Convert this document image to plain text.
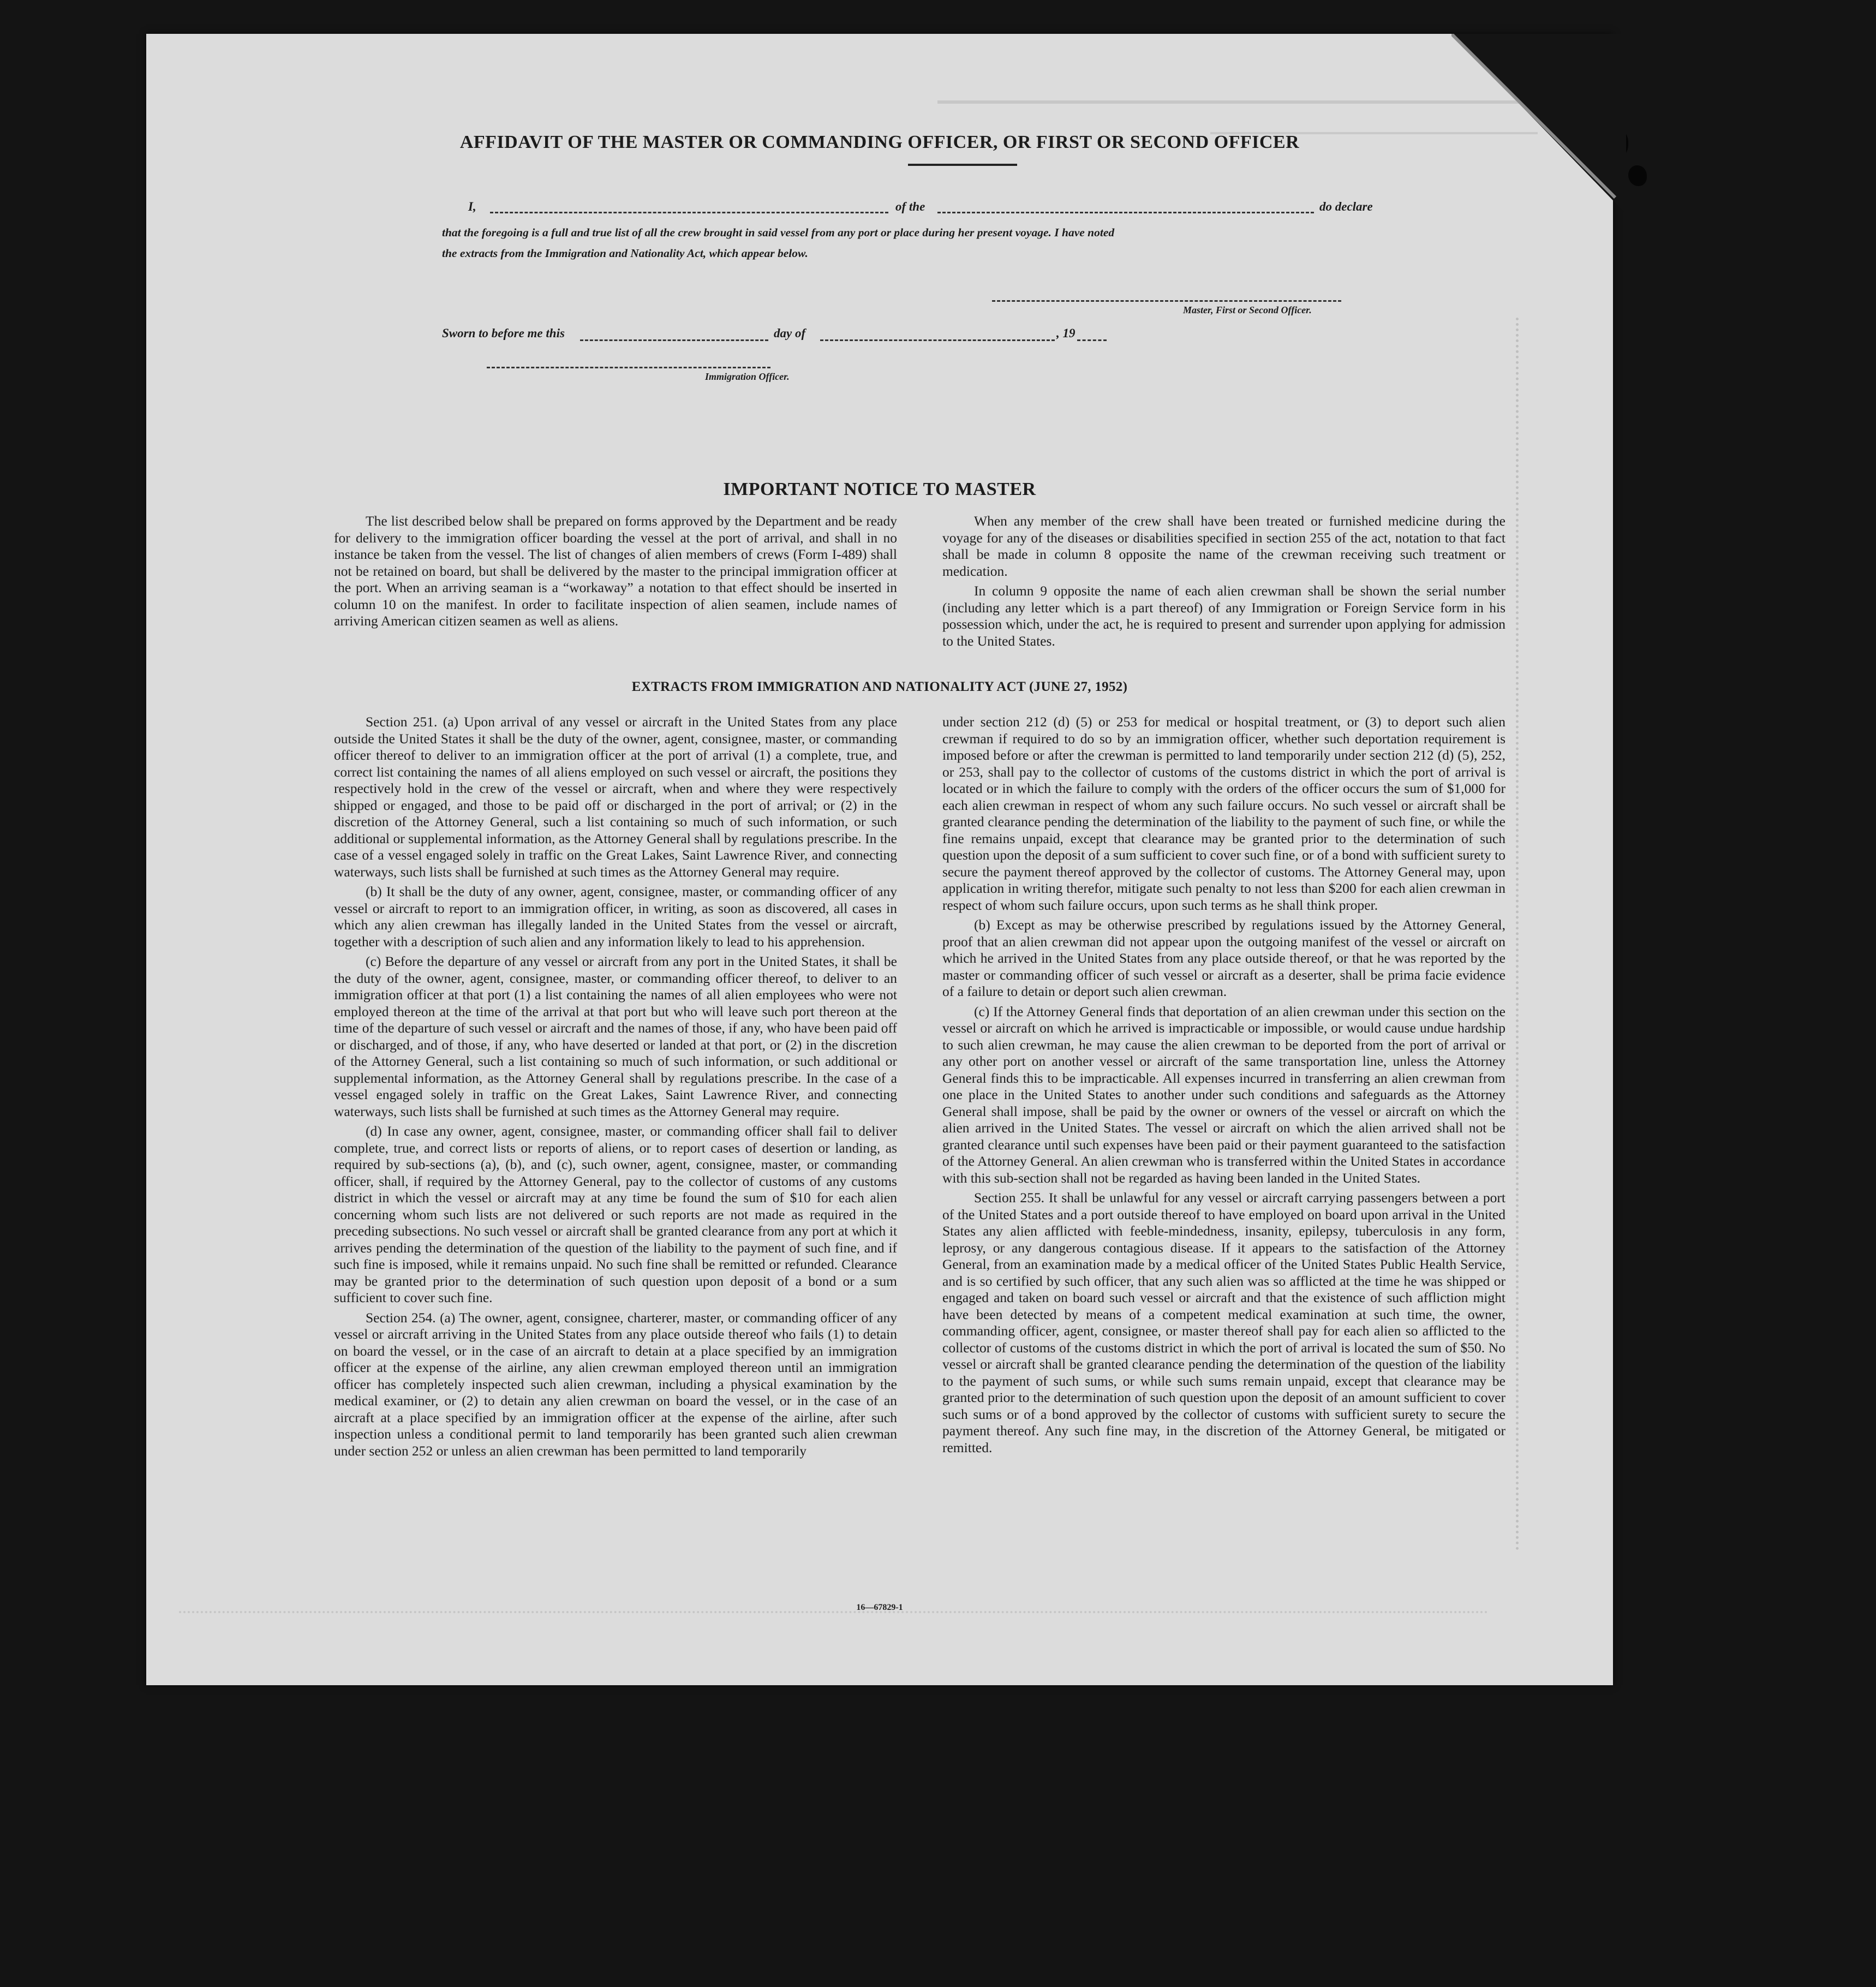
AFFIDAVIT OF THE MASTER OR COMMANDING OFFICER, OR FIRST OR SECOND OFFICER
I,	of the	do declare
that the foregoing is a full and true list of all the crew brought in said vessel from any port or place during her present voyage. I have noted
the extracts from the Immigration and Nationality Act, which appear below.
Master, First or Second Officer.
Sworn to before me this	day of	, 19
Immigration Officer.
IMPORTANT NOTICE TO MASTER

The list described below shall be prepared on forms approved by the Department and be ready for delivery to the immigration officer boarding the vessel at the port of arrival, and shall in no instance be taken from the vessel. The list of changes of alien members of crews (Form I-489) shall not be retained on board, but shall be delivered by the master to the principal immigration officer at the port. When an arriving seaman is a “workaway” a notation to that effect should be inserted in column 10 on the manifest. In order to facilitate inspection of alien seamen, include names of arriving American citizen seamen as well as aliens.

When any member of the crew shall have been treated or furnished medicine during the voyage for any of the diseases or disabilities specified in section 255 of the act, notation to that fact shall be made in column 8 opposite the name of the crewman receiving such treatment or medication.

In column 9 opposite the name of each alien crewman shall be shown the serial number (including any letter which is a part thereof) of any Immigration or Foreign Service form in his possession which, under the act, he is required to present and surrender upon applying for admission to the United States.

EXTRACTS FROM IMMIGRATION AND NATIONALITY ACT (JUNE 27, 1952)

Section 251. (a) Upon arrival of any vessel or aircraft in the United States from any place outside the United States it shall be the duty of the owner, agent, consignee, master, or commanding officer thereof to deliver to an immigration officer at the port of arrival (1) a complete, true, and correct list containing the names of all aliens employed on such vessel or aircraft, the positions they respectively hold in the crew of the vessel or aircraft, when and where they were respectively shipped or engaged, and those to be paid off or discharged in the port of arrival; or (2) in the discretion of the Attorney General, such a list containing so much of such information, or such additional or supplemental information, as the Attorney General shall by regulations prescribe. In the case of a vessel engaged solely in traffic on the Great Lakes, Saint Lawrence River, and connecting waterways, such lists shall be furnished at such times as the Attorney General may require.

(b) It shall be the duty of any owner, agent, consignee, master, or commanding officer of any vessel or aircraft to report to an immigration officer, in writing, as soon as discovered, all cases in which any alien crewman has illegally landed in the United States from the vessel or aircraft, together with a description of such alien and any information likely to lead to his apprehension.

(c) Before the departure of any vessel or aircraft from any port in the United States, it shall be the duty of the owner, agent, consignee, master, or commanding officer thereof, to deliver to an immigration officer at that port (1) a list containing the names of all alien employees who were not employed thereon at the time of the arrival at that port but who will leave such port thereon at the time of the departure of such vessel or aircraft and the names of those, if any, who have been paid off or discharged, and of those, if any, who have deserted or landed at that port, or (2) in the discretion of the Attorney General, such a list containing so much of such information, or such additional or supplemental information, as the Attorney General shall by regulations prescribe. In the case of a vessel engaged solely in traffic on the Great Lakes, Saint Lawrence River, and connecting waterways, such lists shall be furnished at such times as the Attorney General may require.

(d) In case any owner, agent, consignee, master, or commanding officer shall fail to deliver complete, true, and correct lists or reports of aliens, or to report cases of desertion or landing, as required by sub-sections (a), (b), and (c), such owner, agent, consignee, master, or commanding officer, shall, if required by the Attorney General, pay to the collector of customs of any customs district in which the vessel or aircraft may at any time be found the sum of $10 for each alien concerning whom such lists are not delivered or such reports are not made as required in the preceding subsections. No such vessel or aircraft shall be granted clearance from any port at which it arrives pending the determination of the question of the liability to the payment of such fine, and if such fine is imposed, while it remains unpaid. No such fine shall be remitted or refunded. Clearance may be granted prior to the determination of such question upon deposit of a bond or a sum sufficient to cover such fine.

Section 254. (a) The owner, agent, consignee, charterer, master, or commanding officer of any vessel or aircraft arriving in the United States from any place outside thereof who fails (1) to detain on board the vessel, or in the case of an aircraft to detain at a place specified by an immigration officer at the expense of the airline, any alien crewman employed thereon until an immigration officer has completely inspected such alien crewman, including a physical examination by the medical examiner, or (2) to detain any alien crewman on board the vessel, or in the case of an aircraft at a place specified by an immigration officer at the expense of the airline, after such inspection unless a conditional permit to land temporarily has been granted such alien crewman under section 252 or unless an alien crewman has been permitted to land temporarily

under section 212 (d) (5) or 253 for medical or hospital treatment, or (3) to deport such alien crewman if required to do so by an immigration officer, whether such deportation requirement is imposed before or after the crewman is permitted to land temporarily under section 212 (d) (5), 252, or 253, shall pay to the collector of customs of the customs district in which the port of arrival is located or in which the failure to comply with the orders of the officer occurs the sum of $1,000 for each alien crewman in respect of whom any such failure occurs. No such vessel or aircraft shall be granted clearance pending the determination of the liability to the payment of such fine, or while the fine remains unpaid, except that clearance may be granted prior to the determination of such question upon the deposit of a sum sufficient to cover such fine, or of a bond with sufficient surety to secure the payment thereof approved by the collector of customs. The Attorney General may, upon application in writing therefor, mitigate such penalty to not less than $200 for each alien crewman in respect of whom such failure occurs, upon such terms as he shall think proper.

(b) Except as may be otherwise prescribed by regulations issued by the Attorney General, proof that an alien crewman did not appear upon the outgoing manifest of the vessel or aircraft on which he arrived in the United States from any place outside thereof, or that he was reported by the master or commanding officer of such vessel or aircraft as a deserter, shall be prima facie evidence of a failure to detain or deport such alien crewman.

(c) If the Attorney General finds that deportation of an alien crewman under this section on the vessel or aircraft on which he arrived is impracticable or impossible, or would cause undue hardship to such alien crewman, he may cause the alien crewman to be deported from the port of arrival or any other port on another vessel or aircraft of the same transportation line, unless the Attorney General finds this to be impracticable. All expenses incurred in transferring an alien crewman from one place in the United States to another under such conditions and safeguards as the Attorney General shall impose, shall be paid by the owner or owners of the vessel or aircraft on which the alien arrived in the United States. The vessel or aircraft on which the alien arrived shall not be granted clearance until such expenses have been paid or their payment guaranteed to the satisfaction of the Attorney General. An alien crewman who is transferred within the United States in accordance with this sub-section shall not be regarded as having been landed in the United States.

Section 255. It shall be unlawful for any vessel or aircraft carrying passengers between a port of the United States and a port outside thereof to have employed on board upon arrival in the United States any alien afflicted with feeble-mindedness, insanity, epilepsy, tuberculosis in any form, leprosy, or any dangerous contagious disease. If it appears to the satisfaction of the Attorney General, from an examination made by a medical officer of the United States Public Health Service, and is so certified by such officer, that any such alien was so afflicted at the time he was shipped or engaged and taken on board such vessel or aircraft and that the existence of such affliction might have been detected by means of a competent medical examination at such time, the owner, commanding officer, agent, consignee, or master thereof shall pay for each alien so afflicted to the collector of customs of the customs district in which the port of arrival is located the sum of $50. No vessel or aircraft shall be granted clearance pending the determination of the question of the liability to the payment of such sums, or while such sums remain unpaid, except that clearance may be granted prior to the determination of such question upon the deposit of an amount sufficient to cover such sums or of a bond approved by the collector of customs with sufficient surety to secure the payment thereof. Any such fine may, in the discretion of the Attorney General, be mitigated or remitted.

16—67829-1
